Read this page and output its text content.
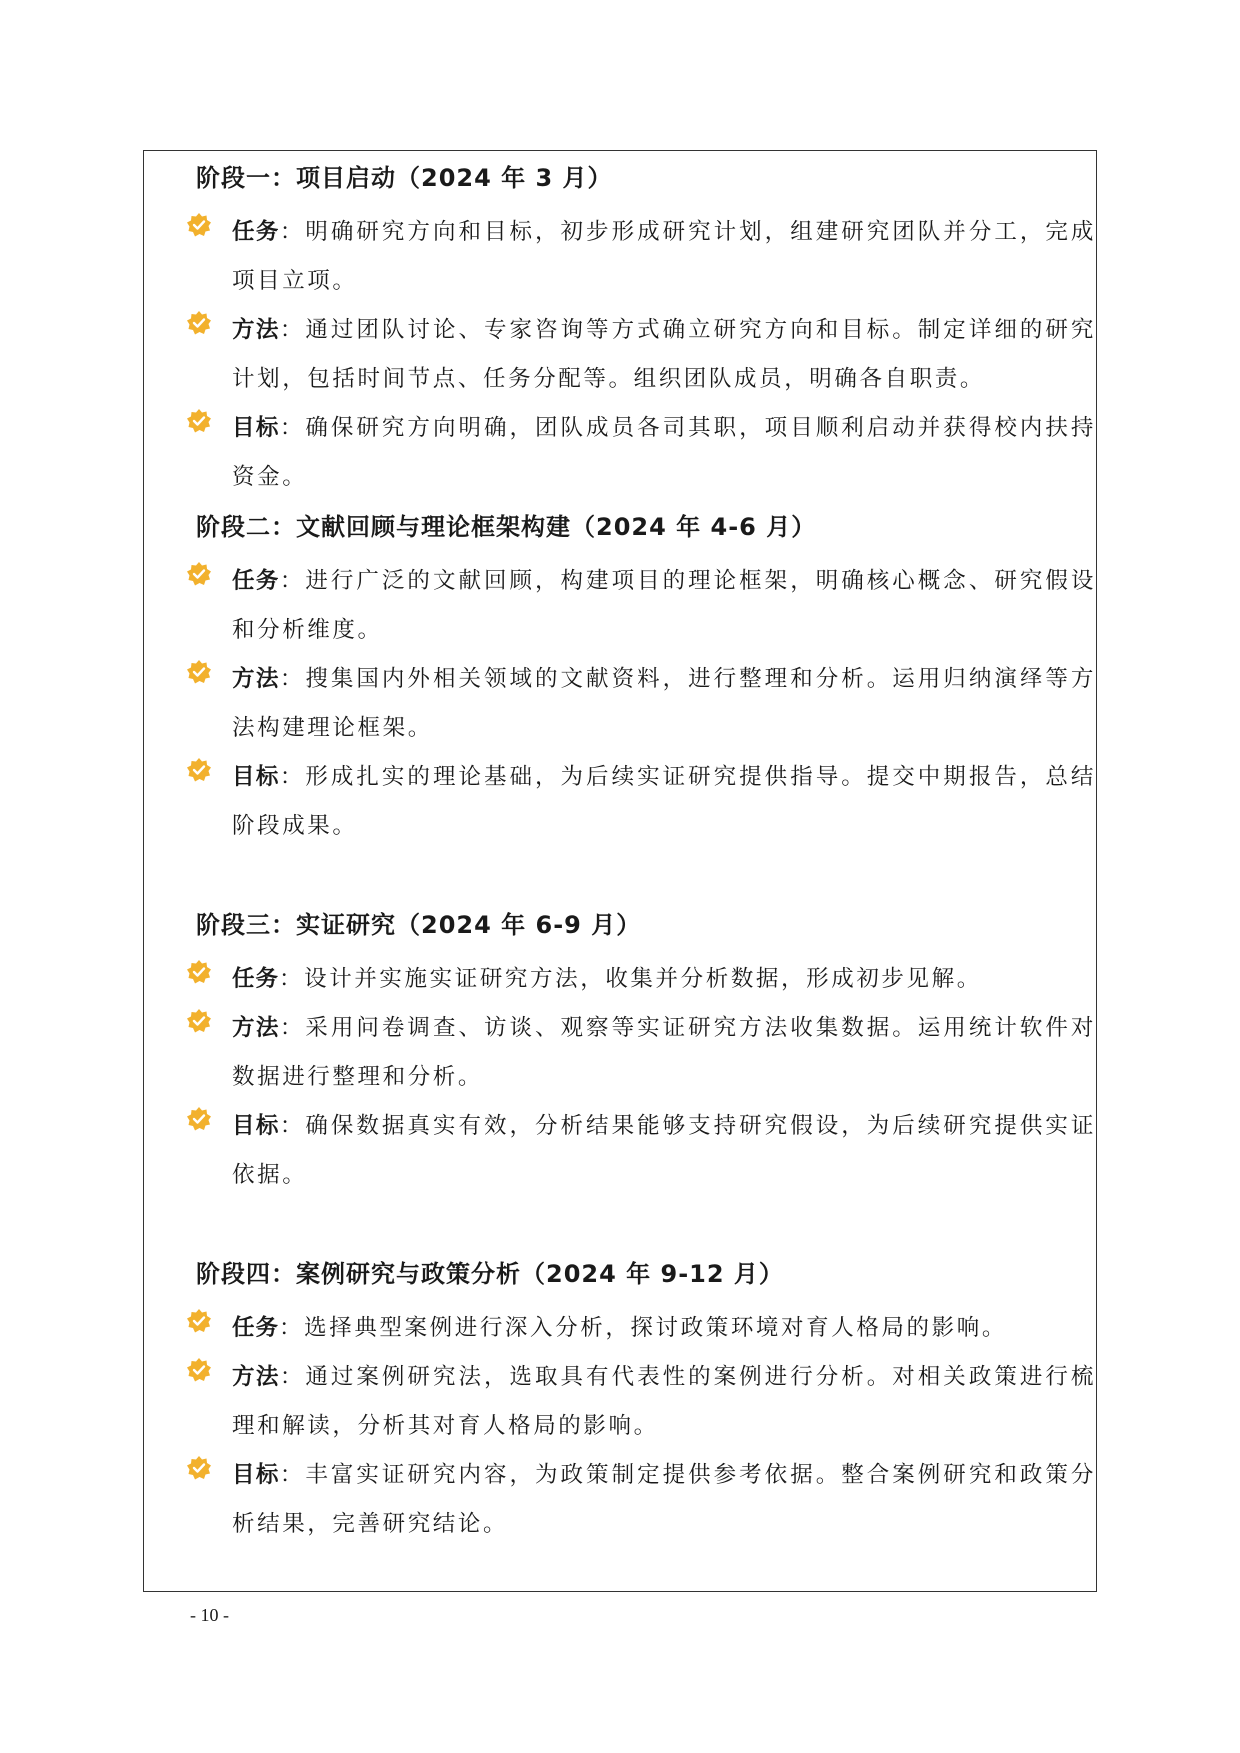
阶段一：项目启动（2024 年 3 月）
任务：明确研究方向和目标，初步形成研究计划，组建研究团队并分工，完成项目立项。
方法：通过团队讨论、专家咨询等方式确立研究方向和目标。制定详细的研究计划，包括时间节点、任务分配等。组织团队成员，明确各自职责。
目标：确保研究方向明确，团队成员各司其职，项目顺利启动并获得校内扶持资金。
阶段二：文献回顾与理论框架构建（2024 年 4-6 月）
任务：进行广泛的文献回顾，构建项目的理论框架，明确核心概念、研究假设和分析维度。
方法：搜集国内外相关领域的文献资料，进行整理和分析。运用归纳演绎等方法构建理论框架。
目标：形成扎实的理论基础，为后续实证研究提供指导。提交中期报告，总结阶段成果。
阶段三：实证研究（2024 年 6-9 月）
任务：设计并实施实证研究方法，收集并分析数据，形成初步见解。
方法：采用问卷调查、访谈、观察等实证研究方法收集数据。运用统计软件对数据进行整理和分析。
目标：确保数据真实有效，分析结果能够支持研究假设，为后续研究提供实证依据。
阶段四：案例研究与政策分析（2024 年 9-12 月）
任务：选择典型案例进行深入分析，探讨政策环境对育人格局的影响。
方法：通过案例研究法，选取具有代表性的案例进行分析。对相关政策进行梳理和解读，分析其对育人格局的影响。
目标：丰富实证研究内容，为政策制定提供参考依据。整合案例研究和政策分析结果，完善研究结论。
- 10 -
